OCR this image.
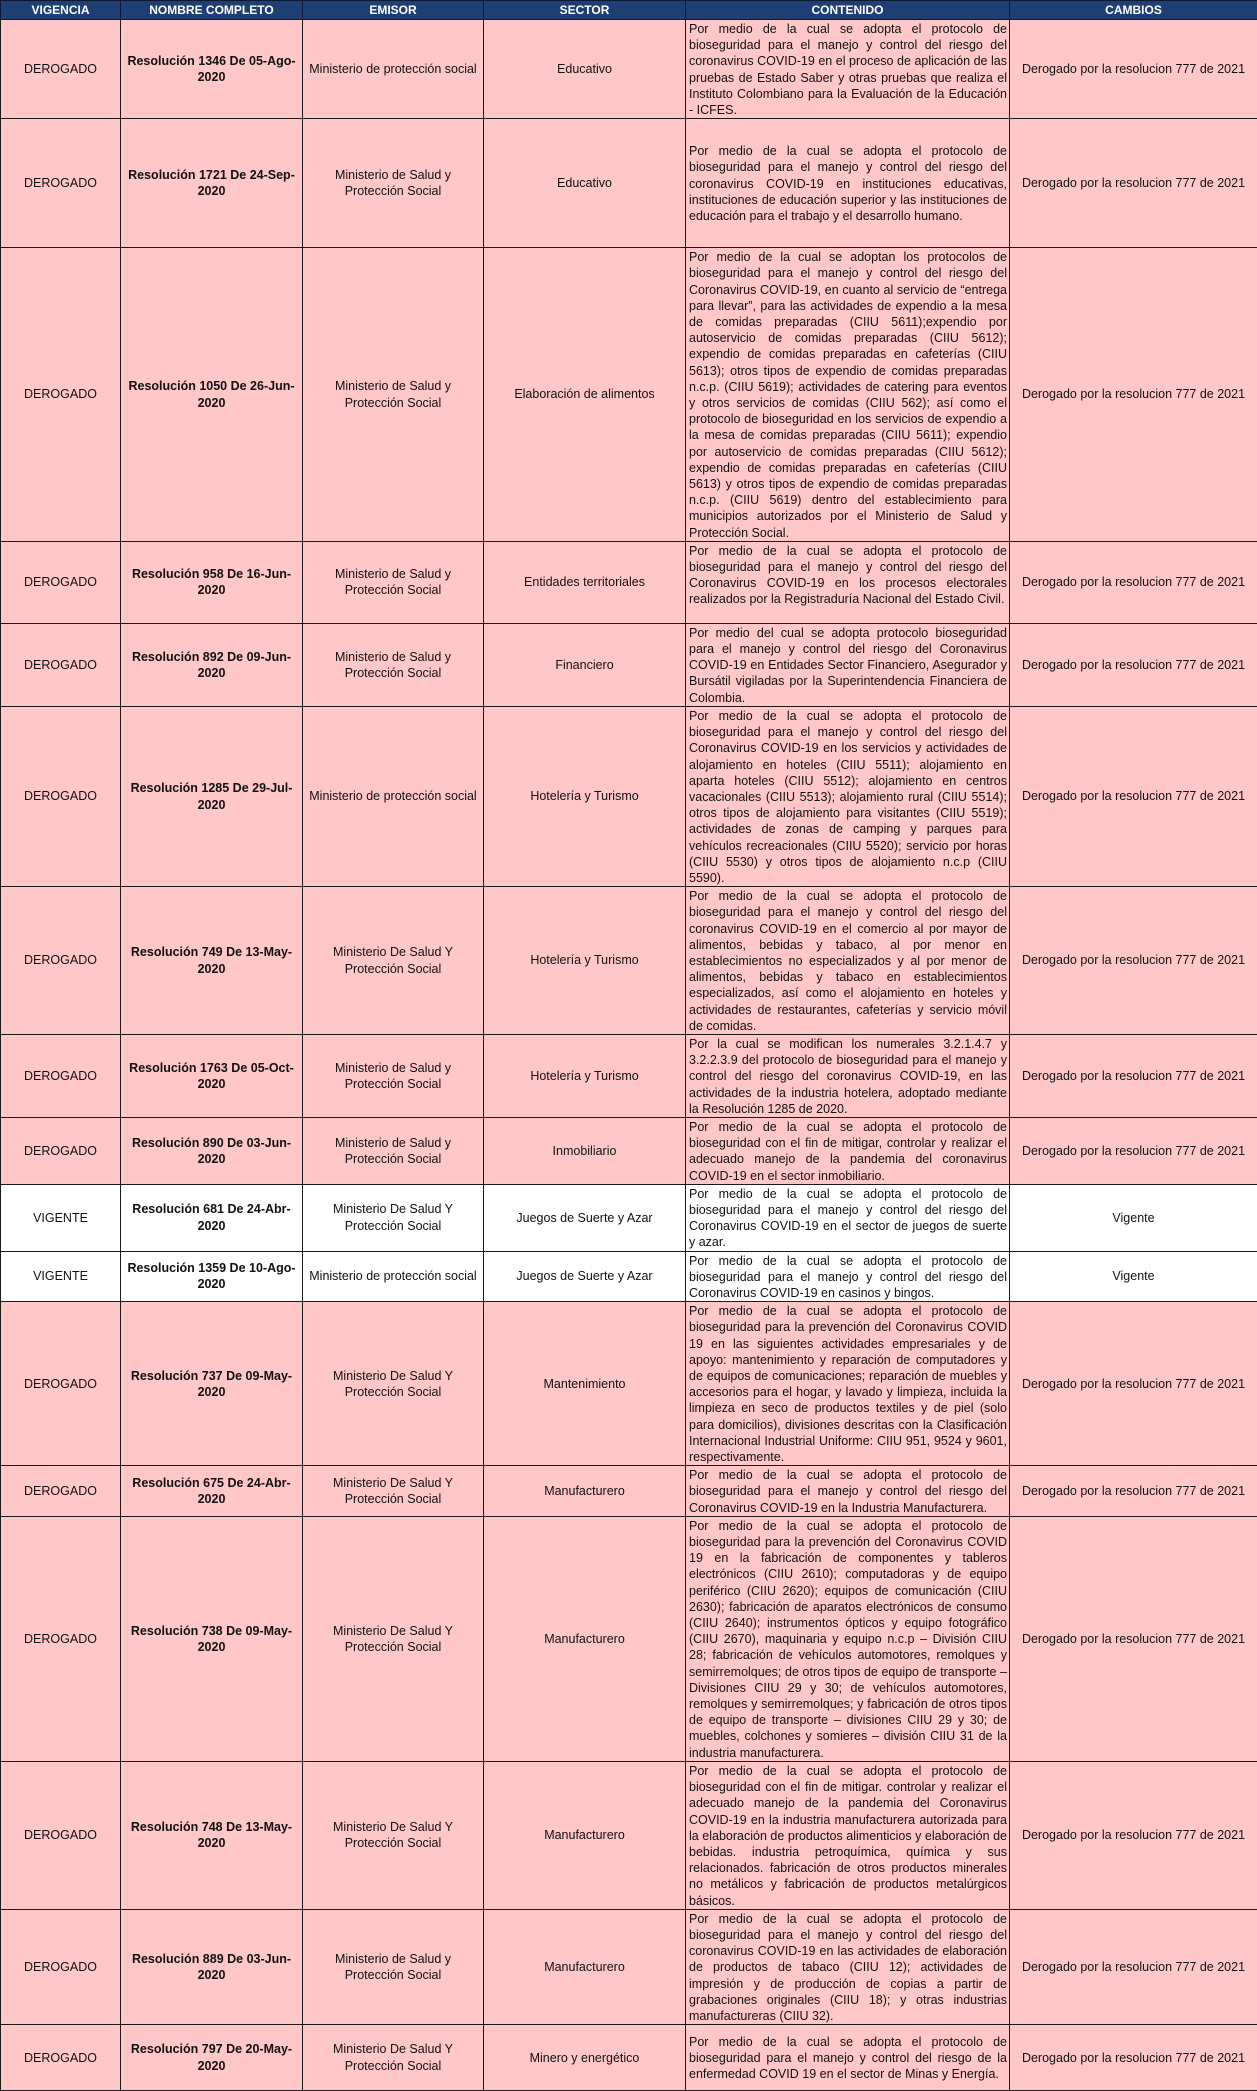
VIGENCIA	NOMBRE COMPLETO	EMISOR	SECTOR	CONTENIDO	CAMBIOS
DEROGADO	Resolución 1346 De 05-Ago-2020	Ministerio de protección social	Educativo	Por medio de la cual se adopta el protocolo de bioseguridad para el manejo y control del riesgo del coronavirus COVID-19 en el proceso de aplicación de las pruebas de Estado Saber y otras pruebas que realiza el Instituto Colombiano para la Evaluación de la Educación - ICFES.	Derogado por la resolucion 777 de 2021
DEROGADO	Resolución 1721 De 24-Sep-2020	Ministerio de Salud y Protección Social	Educativo	Por medio de la cual se adopta el protocolo de bioseguridad para el manejo y control del riesgo del coronavirus COVID-19 en instituciones educativas, instituciones de educación superior y las instituciones de educación para el trabajo y el desarrollo humano.	Derogado por la resolucion 777 de 2021
DEROGADO	Resolución 1050 De 26-Jun-2020	Ministerio de Salud y Protección Social	Elaboración de alimentos	Por medio de la cual se adoptan los protocolos de bioseguridad para el manejo y control del riesgo del Coronavirus COVID-19, en cuanto al servicio de “entrega para llevar”, para las actividades de expendio a la mesa de comidas preparadas (CIIU 5611);expendio por autoservicio de comidas preparadas (CIIU 5612); expendio de comidas preparadas en cafeterías (CIIU 5613); otros tipos de expendio de comidas preparadas n.c.p. (CIIU 5619); actividades de catering para eventos y otros servicios de comidas (CIIU 562); así como el protocolo de bioseguridad en los servicios de expendio a la mesa de comidas preparadas (CIIU 5611); expendio por autoservicio de comidas preparadas (CIIU 5612); expendio de comidas preparadas en cafeterías (CIIU 5613) y otros tipos de expendio de comidas preparadas n.c.p. (CIIU 5619) dentro del establecimiento para municipios autorizados por el Ministerio de Salud y Protección Social.	Derogado por la resolucion 777 de 2021
DEROGADO	Resolución 958 De 16-Jun-2020	Ministerio de Salud y Protección Social	Entidades territoriales	Por medio de la cual se adopta el protocolo de bioseguridad para el manejo y control del riesgo del Coronavirus COVID-19 en los procesos electorales realizados por la Registraduría Nacional del Estado Civil.	Derogado por la resolucion 777 de 2021
DEROGADO	Resolución 892 De 09-Jun-2020	Ministerio de Salud y Protección Social	Financiero	Por medio del cual se adopta protocolo bioseguridad para el manejo y control del riesgo del Coronavirus COVID-19 en Entidades Sector Financiero, Asegurador y Bursátil vigiladas por la Superintendencia Financiera de Colombia.	Derogado por la resolucion 777 de 2021
DEROGADO	Resolución 1285 De 29-Jul-2020	Ministerio de protección social	Hotelería y Turismo	Por medio de la cual se adopta el protocolo de bioseguridad para el manejo y control del riesgo del Coronavirus COVID-19 en los servicios y actividades de alojamiento en hoteles (CIIU 5511); alojamiento en aparta hoteles (CIIU 5512); alojamiento en centros vacacionales (CIIU 5513); alojamiento rural (CIIU 5514); otros tipos de alojamiento para visitantes (CIIU 5519); actividades de zonas de camping y parques para vehículos recreacionales (CIIU 5520); servicio por horas (CIIU 5530) y otros tipos de alojamiento n.c.p (CIIU 5590).	Derogado por la resolucion 777 de 2021
DEROGADO	Resolución 749 De 13-May-2020	Ministerio De Salud Y Protección Social	Hotelería y Turismo	Por medio de la cual se adopta el protocolo de bioseguridad para el manejo y control del riesgo del coronavirus COVID-19 en el comercio al por mayor de alimentos, bebidas y tabaco, al por menor en establecimientos no especializados y al por menor de alimentos, bebidas y tabaco en establecimientos especializados, así como el alojamiento en hoteles y actividades de restaurantes, cafeterías y servicio móvil de comidas.	Derogado por la resolucion 777 de 2021
DEROGADO	Resolución 1763 De 05-Oct-2020	Ministerio de Salud y Protección Social	Hotelería y Turismo	Por la cual se modifican los numerales 3.2.1.4.7 y 3.2.2.3.9 del protocolo de bioseguridad para el manejo y control del riesgo del coronavirus COVID-19, en las actividades de la industria hotelera, adoptado mediante la Resolución 1285 de 2020.	Derogado por la resolucion 777 de 2021
DEROGADO	Resolución 890 De 03-Jun-2020	Ministerio de Salud y Protección Social	Inmobiliario	Por medio de la cual se adopta el protocolo de bioseguridad con el fin de mitigar, controlar y realizar el adecuado manejo de la pandemia del coronavirus COVID-19 en el sector inmobiliario.	Derogado por la resolucion 777 de 2021
VIGENTE	Resolución 681 De 24-Abr-2020	Ministerio De Salud Y Protección Social	Juegos de Suerte y Azar	Por medio de la cual se adopta el protocolo de bioseguridad para el manejo y control del riesgo del Coronavirus COVID-19 en el sector de juegos de suerte y azar.	Vigente
VIGENTE	Resolución 1359 De 10-Ago-2020	Ministerio de protección social	Juegos de Suerte y Azar	Por medio de la cual se adopta el protocolo de bioseguridad para el manejo y control del riesgo del Coronavirus COVID-19 en casinos y bingos.	Vigente
DEROGADO	Resolución 737 De 09-May-2020	Ministerio De Salud Y Protección Social	Mantenimiento	Por medio de la cual se adopta el protocolo de bioseguridad para la prevención del Coronavirus COVID 19 en las siguientes actividades empresariales y de apoyo: mantenimiento y reparación de computadores y de equipos de comunicaciones; reparación de muebles y accesorios para el hogar, y lavado y limpieza, incluida la limpieza en seco de productos textiles y de piel (solo para domicilios), divisiones descritas con la Clasificación Internacional Industrial Uniforme: CIIU 951, 9524 y 9601, respectivamente.	Derogado por la resolucion 777 de 2021
DEROGADO	Resolución 675 De 24-Abr-2020	Ministerio De Salud Y Protección Social	Manufacturero	Por medio de la cual se adopta el protocolo de bioseguridad para el manejo y control del riesgo del Coronavirus COVID-19 en la Industria Manufacturera.	Derogado por la resolucion 777 de 2021
DEROGADO	Resolución 738 De 09-May-2020	Ministerio De Salud Y Protección Social	Manufacturero	Por medio de la cual se adopta el protocolo de bioseguridad para la prevención del Coronavirus COVID 19 en la fabricación de componentes y tableros electrónicos (CIIU 2610); computadoras y de equipo periférico (CIIU 2620); equipos de comunicación (CIIU 2630); fabricación de aparatos electrónicos de consumo (CIIU 2640); instrumentos ópticos y equipo fotográfico (CIIU 2670), maquinaria y equipo n.c.p – División CIIU 28; fabricación de vehículos automotores, remolques y semirremolques; de otros tipos de equipo de transporte – Divisiones CIIU 29 y 30; de vehículos automotores, remolques y semirremolques; y fabricación de otros tipos de equipo de transporte – divisiones CIIU 29 y 30; de muebles, colchones y somieres – división CIIU 31 de la industria manufacturera.	Derogado por la resolucion 777 de 2021
DEROGADO	Resolución 748 De 13-May-2020	Ministerio De Salud Y Protección Social	Manufacturero	Por medio de la cual se adopta el protocolo de bioseguridad con el fin de mitigar. controlar y realizar el adecuado manejo de la pandemia del Coronavirus COVID-19 en la industria manufacturera autorizada para la elaboración de productos alimenticios y elaboración de bebidas. industria petroquímica, química y sus relacionados. fabricación de otros productos minerales no metálicos y fabricación de productos metalúrgicos básicos.	Derogado por la resolucion 777 de 2021
DEROGADO	Resolución 889 De 03-Jun-2020	Ministerio de Salud y Protección Social	Manufacturero	Por medio de la cual se adopta el protocolo de bioseguridad para el manejo y control del riesgo del coronavirus COVID-19 en las actividades de elaboración de productos de tabaco (CIIU 12); actividades de impresión y de producción de copias a partir de grabaciones originales (CIIU 18); y otras industrias manufactureras (CIIU 32).	Derogado por la resolucion 777 de 2021
DEROGADO	Resolución 797 De 20-May-2020	Ministerio De Salud Y Protección Social	Minero y energético	Por medio de la cual se adopta el protocolo de bioseguridad para el manejo y control del riesgo de la enfermedad COVID 19 en el sector de Minas y Energía.	Derogado por la resolucion 777 de 2021
